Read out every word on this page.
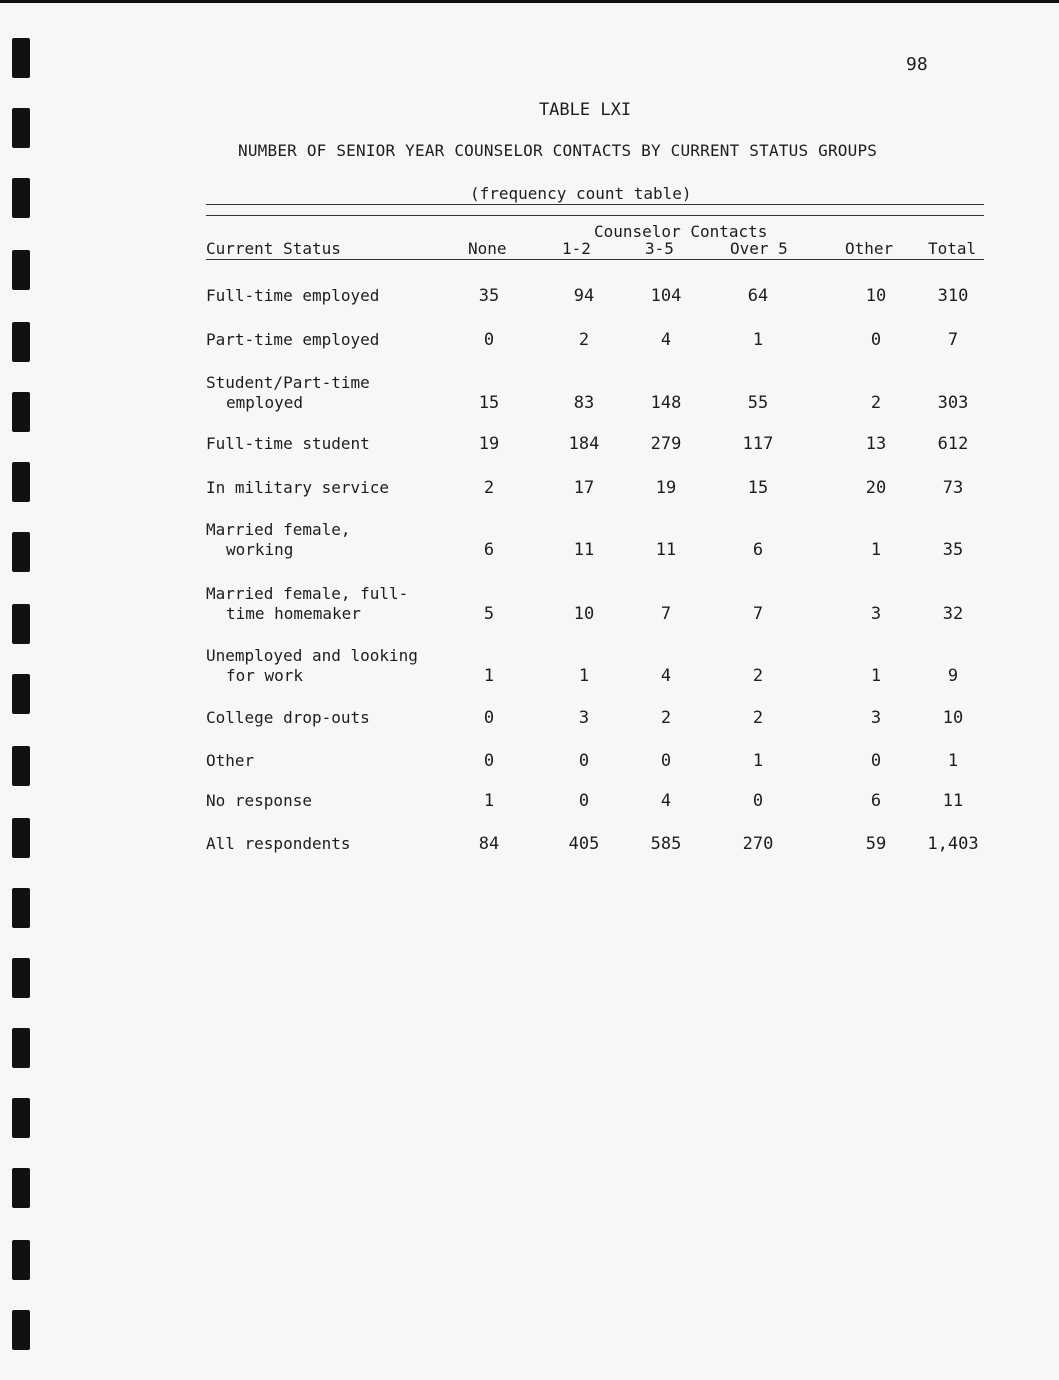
98
TABLE LXI
NUMBER OF SENIOR YEAR COUNSELOR CONTACTS BY CURRENT STATUS GROUPS
(frequency count table)
Counselor Contacts
Current Status	None	1-2	3-5	Over 5	Other Total
Full-time employed	35	94	104	64	10	310
Part-time employed	0	2	4	1	0	7
Student/Part-time
employed	15	83	148	55	2	303
Full-time student	19	184	279	117	13	612
In military service	2	17	19	15	20	73
Married female,
working	6	11	11	6	1	35
Married female, full-
time homemaker	5	10	7	7	3	32
Unemployed and looking
for work	1	1	4	2	1	9
College drop-outs	0	3	2	2	3	10
Other	0	0	0	1	0	1
No response	1	0	4	0	6	11
All respondents	84	405	585	270	59	1,403
